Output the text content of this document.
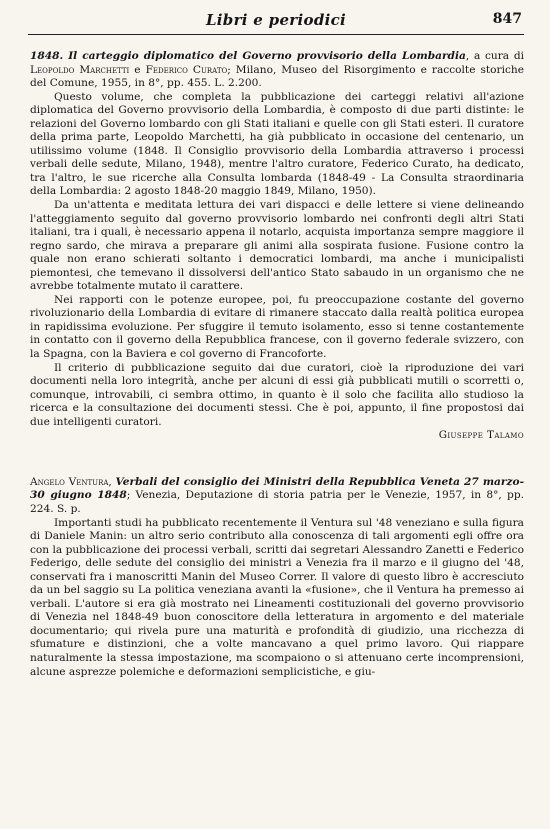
Libri e periodici	847

1848. Il carteggio diplomatico del Governo provvisorio della Lombardia, a cura di Leopoldo Marchetti e Federico Curato; Milano, Museo del Risorgimento e raccolte storiche del Comune, 1955, in 8°, pp. 455. L. 2.200.

Questo volume, che completa la pubblicazione dei carteggi relativi all'azione diplomatica del Governo provvisorio della Lombardia, è composto di due parti distinte: le relazioni del Governo lombardo con gli Stati italiani e quelle con gli Stati esteri. Il curatore della prima parte, Leopoldo Marchetti, ha già pubblicato in occasione del centenario, un utilissimo volume (1848. Il Consiglio provvisorio della Lombardia attraverso i processi verbali delle sedute, Milano, 1948), mentre l'altro curatore, Federico Curato, ha dedicato, tra l'altro, le sue ricerche alla Consulta lombarda (1848-49 - La Consulta straordinaria della Lombardia: 2 agosto 1848-20 maggio 1849, Milano, 1950).

Da un'attenta e meditata lettura dei vari dispacci e delle lettere si viene delineando l'atteggiamento seguito dal governo provvisorio lombardo nei confronti degli altri Stati italiani, tra i quali, è necessario appena il notarlo, acquista importanza sempre maggiore il regno sardo, che mirava a preparare gli animi alla sospirata fusione. Fusione contro la quale non erano schierati soltanto i democratici lombardi, ma anche i municipalisti piemontesi, che temevano il dissolversi dell'antico Stato sabaudo in un organismo che ne avrebbe totalmente mutato il carattere.

Nei rapporti con le potenze europee, poi, fu preoccupazione costante del governo rivoluzionario della Lombardia di evitare di rimanere staccato dalla realtà politica europea in rapidissima evoluzione. Per sfuggire il temuto isolamento, esso si tenne costantemente in contatto con il governo della Repubblica francese, con il governo federale svizzero, con la Spagna, con la Baviera e col governo di Francoforte.

Il criterio di pubblicazione seguito dai due curatori, cioè la riproduzione dei vari documenti nella loro integrità, anche per alcuni di essi già pubblicati mutili o scorretti o, comunque, introvabili, ci sembra ottimo, in quanto è il solo che facilita allo studioso la ricerca e la consultazione dei documenti stessi. Che è poi, appunto, il fine propostosi dai due intelligenti curatori.

Giuseppe Talamo

Angelo Ventura, Verbali del consiglio dei Ministri della Repubblica Veneta 27 marzo-30 giugno 1848; Venezia, Deputazione di storia patria per le Venezie, 1957, in 8°, pp. 224. S. p.

Importanti studi ha pubblicato recentemente il Ventura sul '48 veneziano e sulla figura di Daniele Manin: un altro serio contributo alla conoscenza di tali argomenti egli offre ora con la pubblicazione dei processi verbali, scritti dai segretari Alessandro Zanetti e Federico Federigo, delle sedute del consiglio dei ministri a Venezia fra il marzo e il giugno del '48, conservati fra i manoscritti Manin del Museo Correr. Il valore di questo libro è accresciuto da un bel saggio su La politica veneziana avanti la «fusione», che il Ventura ha premesso ai verbali. L'autore si era già mostrato nei Lineamenti costituzionali del governo provvisorio di Venezia nel 1848-49 buon conoscitore della letteratura in argomento e del materiale documentario; qui rivela pure una maturità e profondità di giudizio, una ricchezza di sfumature e distinzioni, che a volte mancavano a quel primo lavoro. Qui riappare naturalmente la stessa impostazione, ma scompaiono o si attenuano certe incomprensioni, alcune asprezze polemiche e deformazioni semplicistiche, e giu-
